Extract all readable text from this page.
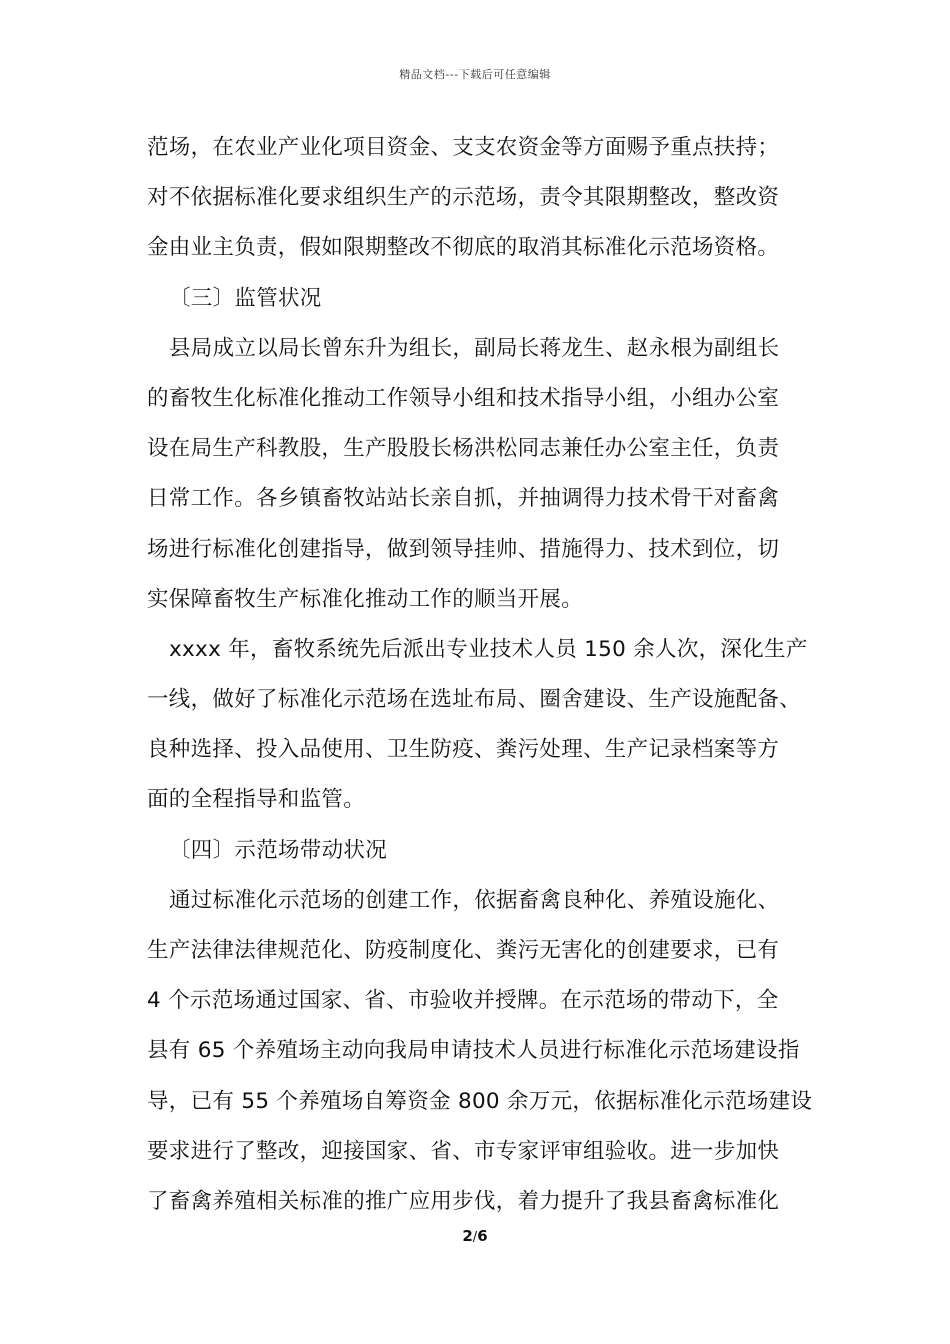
精品文档---下载后可任意编辑
范场，在农业产业化项目资金、支支农资金等方面赐予重点扶持；
对不依据标准化要求组织生产的示范场，责令其限期整改，整改资
金由业主负责，假如限期整改不彻底的取消其标准化示范场资格。
〔三〕监管状况
县局成立以局长曾东升为组长，副局长蒋龙生、赵永根为副组长
的畜牧生化标准化推动工作领导小组和技术指导小组，小组办公室
设在局生产科教股，生产股股长杨洪松同志兼任办公室主任，负责
日常工作。各乡镇畜牧站站长亲自抓，并抽调得力技术骨干对畜禽
场进行标准化创建指导，做到领导挂帅、措施得力、技术到位，切
实保障畜牧生产标准化推动工作的顺当开展。
xxxx 年，畜牧系统先后派出专业技术人员 150 余人次，深化生产
一线，做好了标准化示范场在选址布局、圈舍建设、生产设施配备、
良种选择、投入品使用、卫生防疫、粪污处理、生产记录档案等方
面的全程指导和监管。
〔四〕示范场带动状况
通过标准化示范场的创建工作，依据畜禽良种化、养殖设施化、
生产法律法律规范化、防疫制度化、粪污无害化的创建要求，已有
4 个示范场通过国家、省、市验收并授牌。在示范场的带动下，全
县有 65 个养殖场主动向我局申请技术人员进行标准化示范场建设指
导，已有 55 个养殖场自筹资金 800 余万元，依据标准化示范场建设
要求进行了整改，迎接国家、省、市专家评审组验收。进一步加快
了畜禽养殖相关标准的推广应用步伐，着力提升了我县畜禽标准化
2/6
